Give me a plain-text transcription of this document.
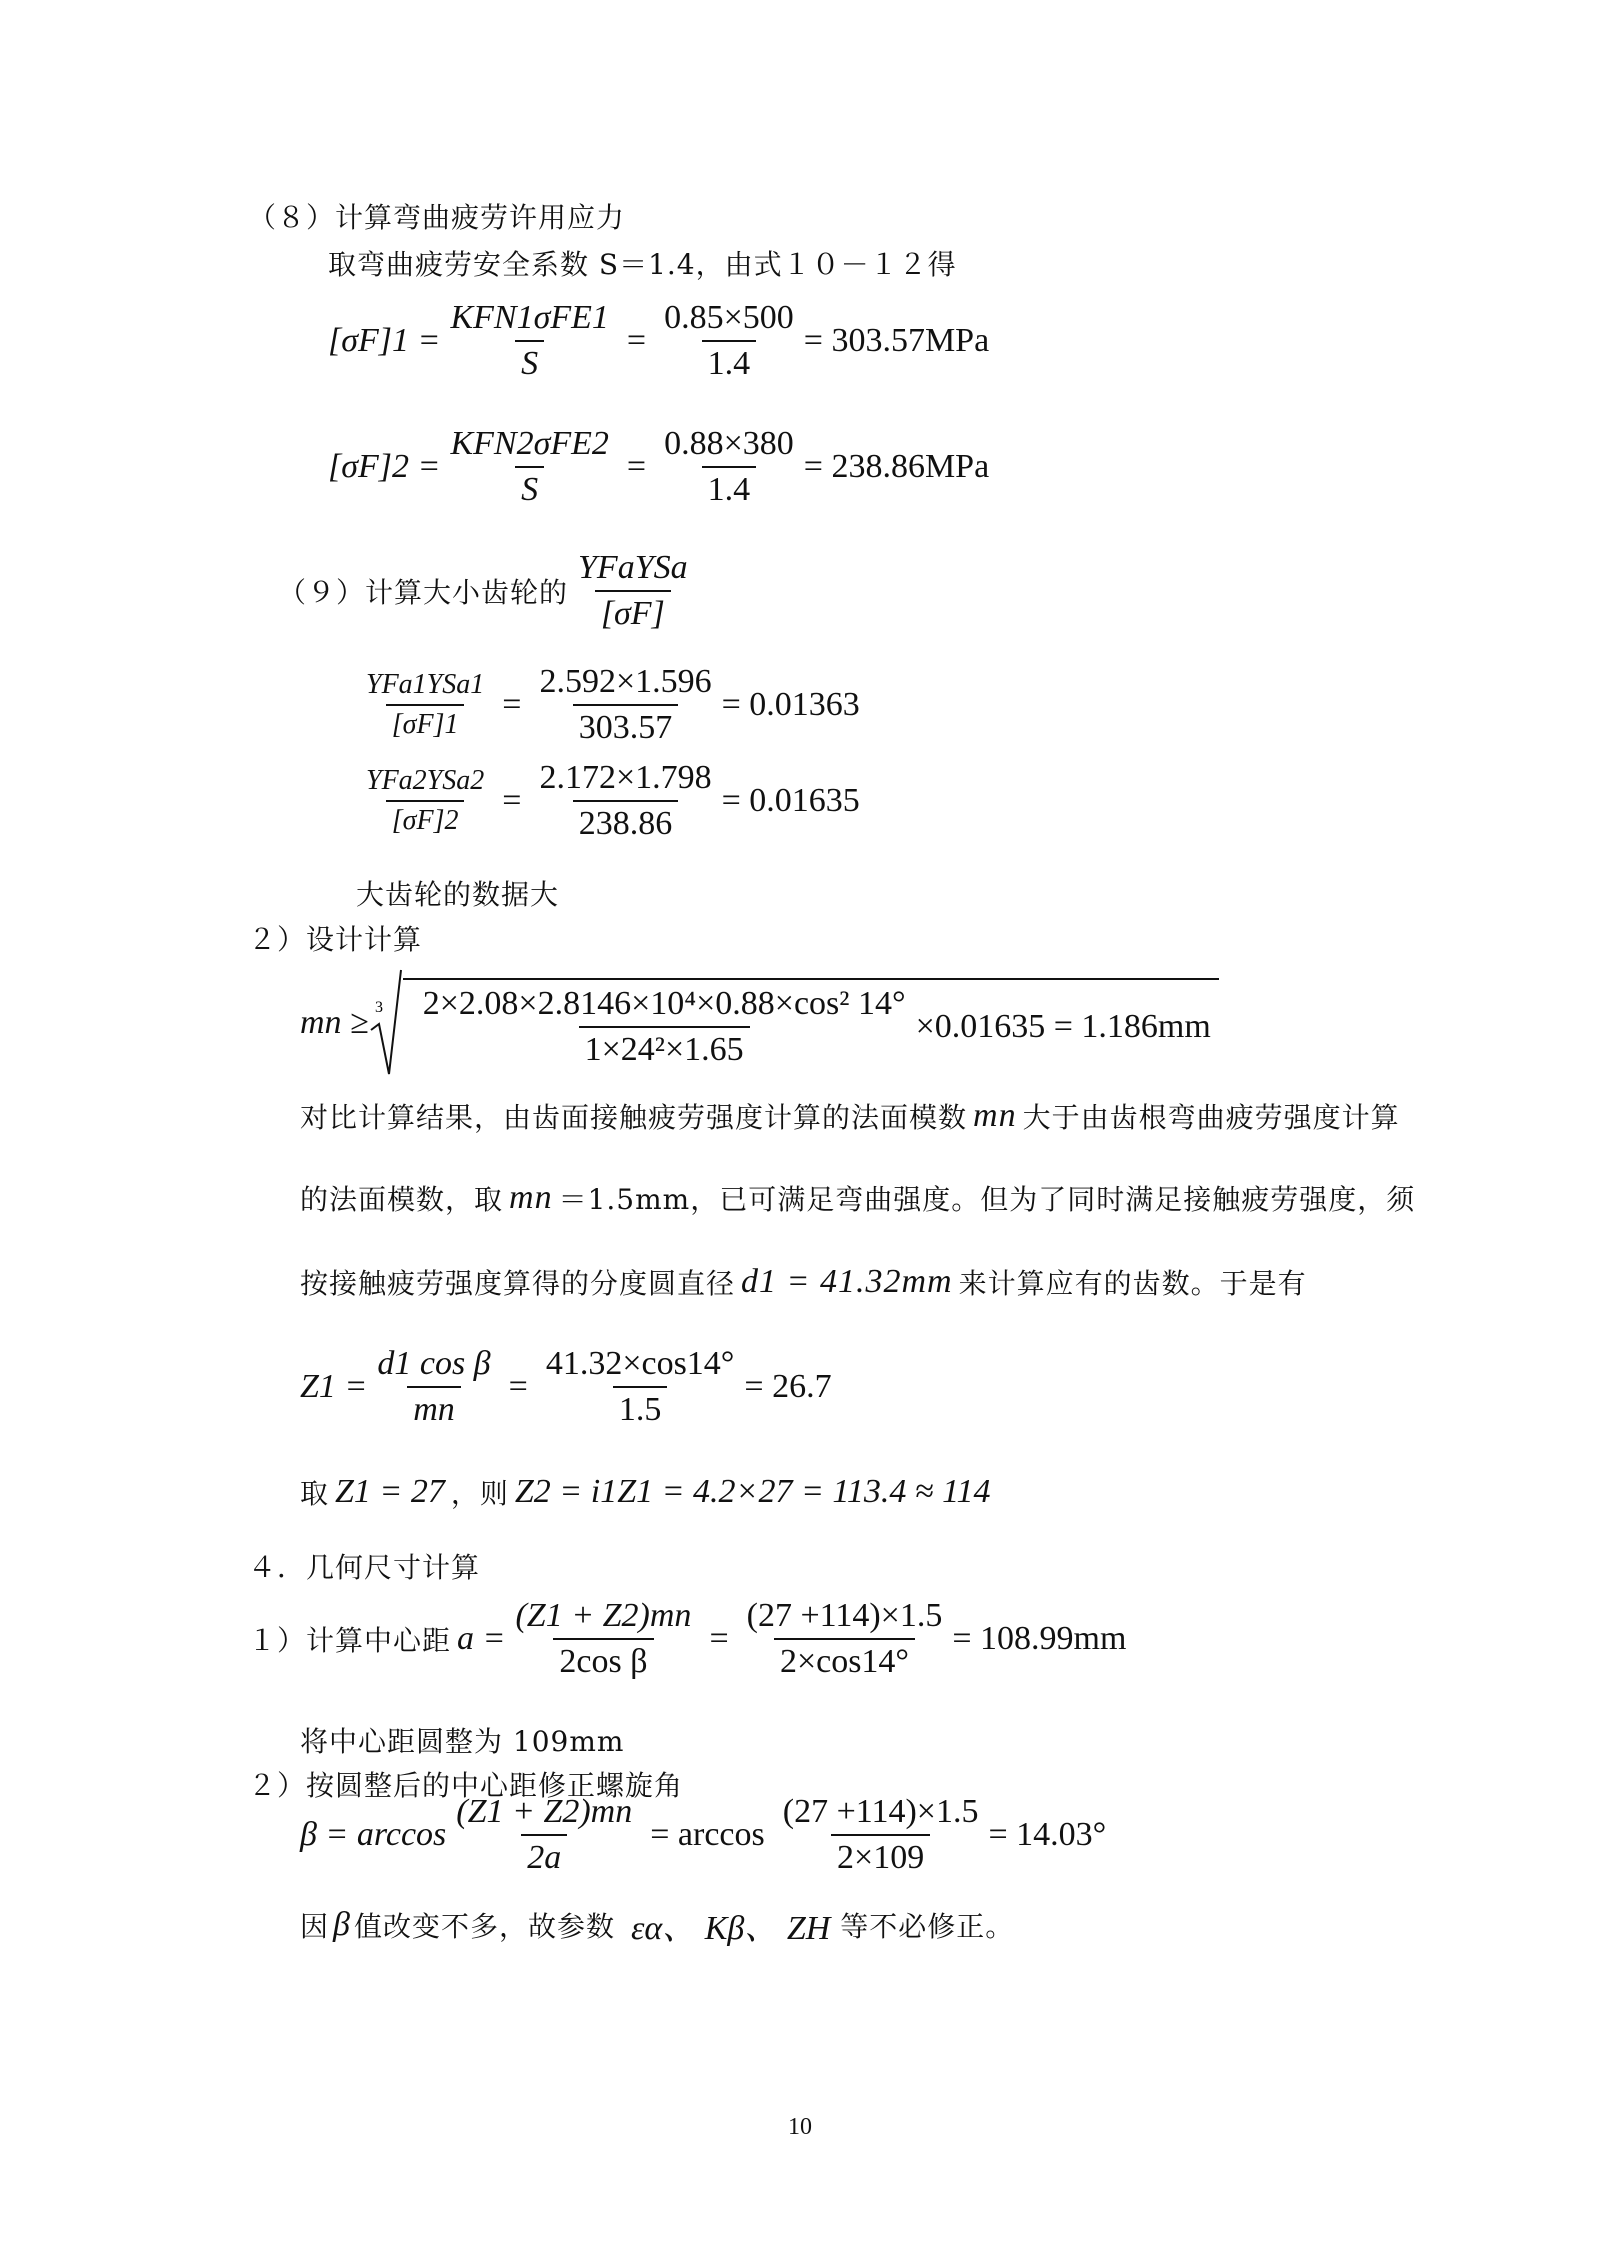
（８）计算弯曲疲劳许用应力
取弯曲疲劳安全系数 S＝1.4，由式１０－１２得
$[\sigma F]1 = \frac{\text{KFN1σFE1}}{S} = \frac{0.85\times 500}{1.4} = 303.57MPa$
$[\sigma F]2 = \frac{\text{KFN2σFE2}}{S} = \frac{0.88\times 380}{1.4} = 238.86MPa$
（９）计算大小齿轮的 $\frac{\text{YFaYSa}}{[\sigma F]}$
$\frac{\text{YFa1YSa1}}{[\sigma F]1} = \frac{2.592\times 1.596}{303.57} = 0.01363$
$\frac{\text{YFa2YSa2}}{[\sigma F]2} = \frac{2.172\times 1.798}{238.86} = 0.01635$
大齿轮的数据大
２）设计计算
mn ≥ $3 \frac{\text{2×2.08×2.8146×10⁴×0.88×cos² 14°}}{\text{1×24²×1.65}} \times 0.01635 = 1.186mm$
对比计算结果，由齿面接触疲劳强度计算的法面模数 mn 大于由齿根弯曲疲劳强度计算
的法面模数，取 mn ＝1.5mm，已可满足弯曲强度。但为了同时满足接触疲劳强度，须
按接触疲劳强度算得的分度圆直径 d1 = 41.32mm 来计算应有的齿数。于是有
$Z1 = \frac{\text{d1 cos β}}{mn} = \frac{41.32\times\cos 14^\circ}{1.5} = 26.7$
取 Z1 = 27 ，则 Z2 = i1Z1 = 4.2×27 = 113.4 ≈ 114
４．几何尺寸计算
１）计算中心距 $a = \frac{(Z1 + Z2)mn}{\text{2cos β}} = \frac{(27 +114)\times 1.5}{2\times\cos 14^\circ} = 108.99mm$
将中心距圆整为 109mm
２）按圆整后的中心距修正螺旋角
$\beta = \arccos \frac{(Z1 + Z2)mn}{2a} = \arccos \frac{(27 +114)\times 1.5}{2\times 109} = 14.03^\circ$
因 β 值改变不多，故参数 εα、 Kβ、 ZH 等不必修正。
10
